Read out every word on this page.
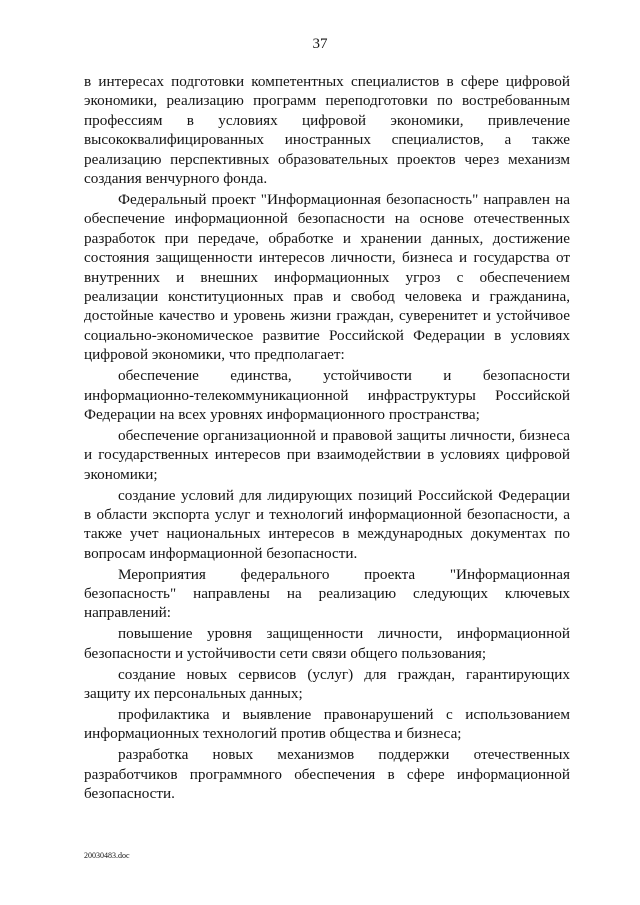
37

в интересах подготовки компетентных специалистов в сфере цифровой экономики, реализацию программ переподготовки по востребованным профессиям в условиях цифровой экономики, привлечение высококвалифицированных иностранных специалистов, а также реализацию перспективных образовательных проектов через механизм создания венчурного фонда.

Федеральный проект "Информационная безопасность" направлен на обеспечение информационной безопасности на основе отечественных разработок при передаче, обработке и хранении данных, достижение состояния защищенности интересов личности, бизнеса и государства от внутренних и внешних информационных угроз с обеспечением реализации конституционных прав и свобод человека и гражданина, достойные качество и уровень жизни граждан, суверенитет и устойчивое социально-экономическое развитие Российской Федерации в условиях цифровой экономики, что предполагает:

обеспечение единства, устойчивости и безопасности информационно-телекоммуникационной инфраструктуры Российской Федерации на всех уровнях информационного пространства;

обеспечение организационной и правовой защиты личности, бизнеса и государственных интересов при взаимодействии в условиях цифровой экономики;

создание условий для лидирующих позиций Российской Федерации в области экспорта услуг и технологий информационной безопасности, а также учет национальных интересов в международных документах по вопросам информационной безопасности.

Мероприятия федерального проекта "Информационная безопасность" направлены на реализацию следующих ключевых направлений:

повышение уровня защищенности личности, информационной безопасности и устойчивости сети связи общего пользования;

создание новых сервисов (услуг) для граждан, гарантирующих защиту их персональных данных;

профилактика и выявление правонарушений с использованием информационных технологий против общества и бизнеса;

разработка новых механизмов поддержки отечественных разработчиков программного обеспечения в сфере информационной безопасности.

20030483.doc
